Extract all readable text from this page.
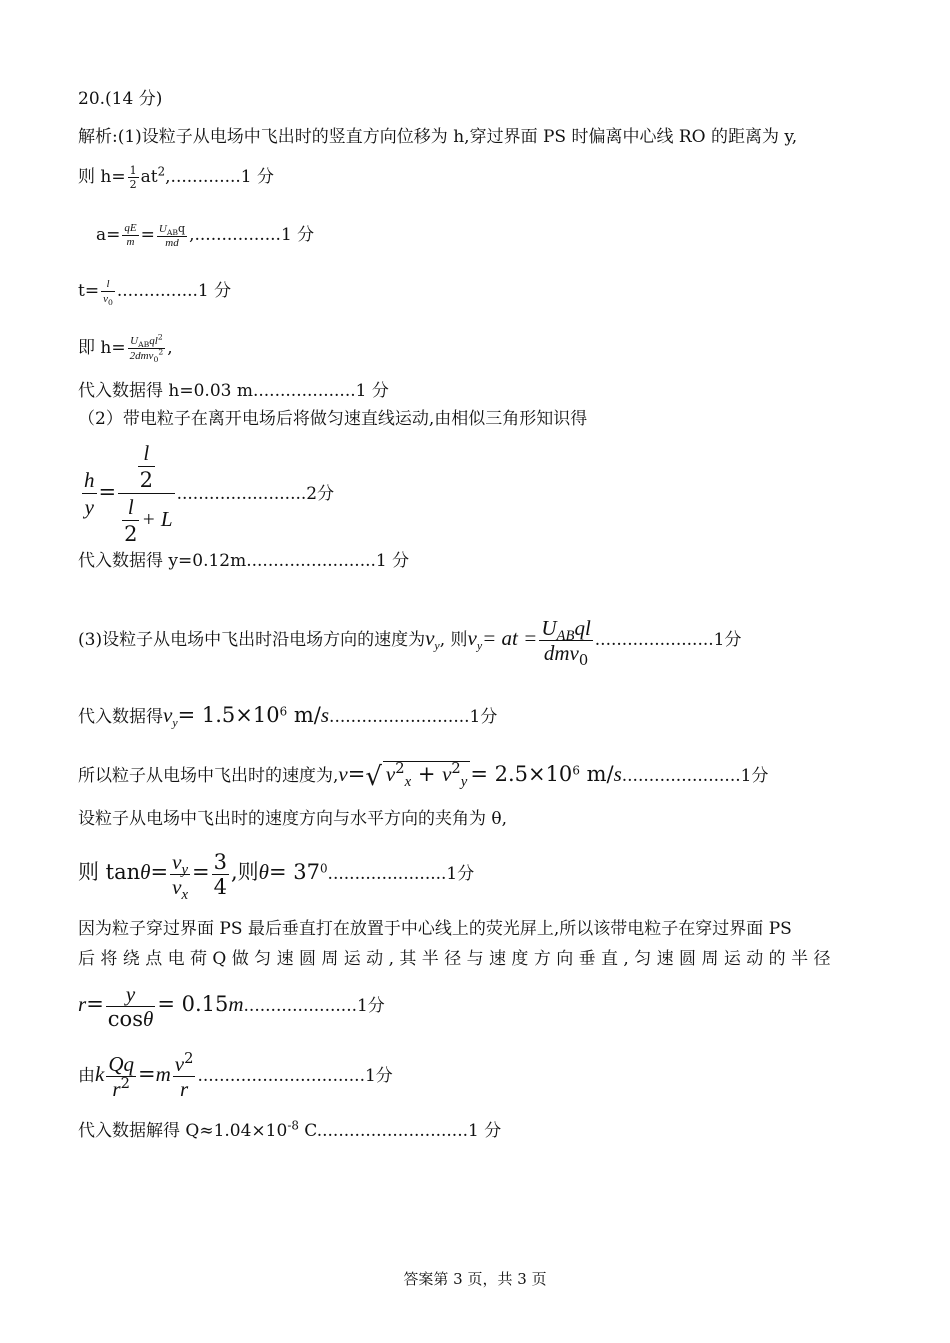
20.(14 分)
解析:(1)设粒子从电场中飞出时的竖直方向位移为 h,穿过界面 PS 时偏离中心线 RO 的距离为 y,
则 $h= \frac{1}{2} at^2,.............1$ 分
$a= \frac{qE}{m} = \frac{U_{AB}q}{md} ,................1$ 分
$t= \frac{l}{v_0} ...............1$ 分
即 $h= \frac{U_{AB}ql^2}{2dmv_0^2}$ ,
代入数据得 h=0.03 m...................1 分
（2）带电粒子在离开电场后将做匀速直线运动,由相似三角形知识得
$\frac{h}{y} = \frac{\frac{l}{2}}{\frac{l}{2} + L} ........................2$分
代入数据得 y=0.12m........................1 分
(3)设粒子从电场中飞出时沿电场方向的速度为$v_y$, 则$v_y=$ at = $\frac{U_{AB}ql}{dmv_0} ......................1$分
代入数据得$v_y= 1.5\times 10^6$ m/s..........................1分
所以粒子从电场中飞出时的速度为,v=√ $v^2_x + v^2_y = 2.5\times 10^6$ m/s......................1分
设粒子从电场中飞出时的速度方向与水平方向的夹角为 θ,
则 $\tan\theta= \frac{v_y}{v_x} = \frac{3}{4}$ ,则$\theta= 37^0......................1$分
因为粒子穿过界面 PS 最后垂直打在放置于中心线上的荧光屏上,所以该带电粒子在穿过界面 PS
后 将 绕 点 电 荷 Q 做 匀 速 圆 周 运 动 , 其 半 径 与 速 度 方 向 垂 直 , 匀 速 圆 周 运 动 的 半 径
$r= \frac{y}{\cos\theta} = 0.15m.....................1$分
由k $\frac{Qq}{r^2} =m \frac{v^2}{r} ...............................1$分
代入数据解得 $Q\approx 1.04\times 10^{-8}$ C............................1 分
答案第 3 页，共 3 页
